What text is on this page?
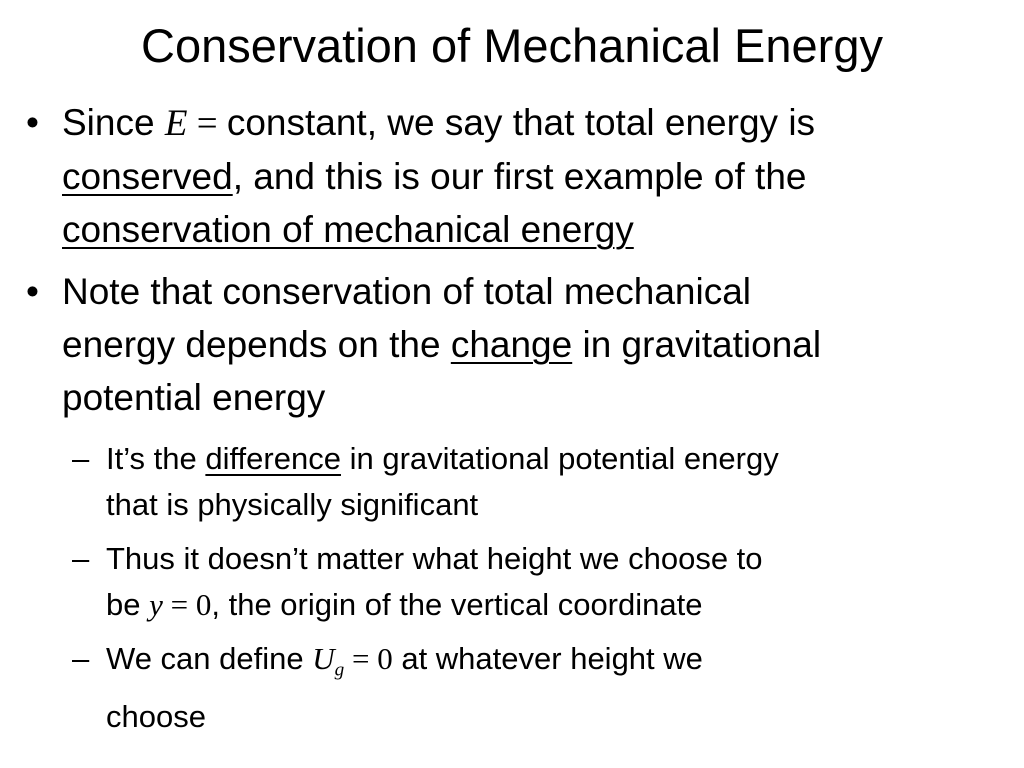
Conservation of Mechanical Energy
• Since E = constant, we say that total energy is
conserved, and this is our first example of the
conservation of mechanical energy
• Note that conservation of total mechanical
energy depends on the change in gravitational
potential energy
– It’s the difference in gravitational potential energy
that is physically significant
– Thus it doesn’t matter what height we choose to
be y = 0, the origin of the vertical coordinate
– We can define $U_g = 0$ at whatever height we
choose
